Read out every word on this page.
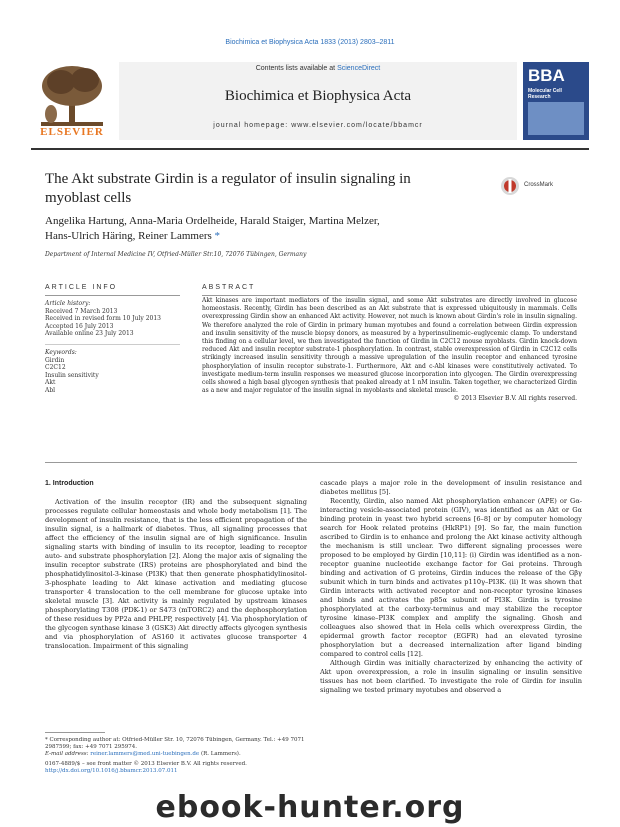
Biochimica et Biophysica Acta 1833 (2013) 2803–2811
ELSEVIER
Contents lists available at ScienceDirect
Biochimica et Biophysica Acta
journal homepage: www.elsevier.com/locate/bbamcr
BBA
Molecular Cell Research
The Akt substrate Girdin is a regulator of insulin signaling in myoblast cells
CrossMark
Angelika Hartung, Anna-Maria Ordelheide, Harald Staiger, Martina Melzer,
Hans-Ulrich Häring, Reiner Lammers *
Department of Internal Medicine IV, Otfried-Müller Str.10, 72076 Tübingen, Germany
ARTICLE INFO	ABSTRACT
Article history:
Received 7 March 2013
Received in revised form 10 July 2013
Accepted 16 July 2013
Available online 23 July 2013
Keywords:
Girdin
C2C12
Insulin sensitivity
Akt
Abl
Akt kinases are important mediators of the insulin signal, and some Akt substrates are directly involved in glucose homeostasis. Recently, Girdin has been described as an Akt substrate that is expressed ubiquitously in mammals. Cells overexpressing Girdin show an enhanced Akt activity. However, not much is known about Girdin's role in insulin signaling. We therefore analyzed the role of Girdin in primary human myotubes and found a correlation between Girdin expression and insulin sensitivity of the muscle biopsy donors, as measured by a hyperinsulinemic–euglycemic clamp. To understand this finding on a cellular level, we then investigated the function of Girdin in C2C12 mouse myoblasts. Girdin knock-down reduced Akt and insulin receptor substrate-1 phosphorylation. In contrast, stable overexpression of Girdin in C2C12 cells strikingly increased insulin sensitivity through a massive upregulation of the insulin receptor and enhanced tyrosine phosphorylation of insulin receptor substrate-1. Furthermore, Akt and c-Abl kinases were constitutively activated. To investigate medium-term insulin responses we measured glucose incorporation into glycogen. The Girdin overexpressing cells showed a high basal glycogen synthesis that peaked already at 1 nM insulin. Taken together, we characterized Girdin as a new and major regulator of the insulin signal in myoblasts and skeletal muscle.
© 2013 Elsevier B.V. All rights reserved.
1. Introduction

Activation of the insulin receptor (IR) and the subsequent signaling processes regulate cellular homeostasis and whole body metabolism [1]. The development of insulin resistance, that is the less efficient propagation of the insulin signal, is a hallmark of diabetes. Thus, all signaling processes that affect the efficiency of the insulin signal are of high significance. Insulin signaling starts with binding of insulin to its receptor, leading to receptor auto- and substrate phosphorylation [2]. Along the major axis of signaling the insulin receptor substrate (IRS) proteins are phosphorylated and bind the phosphatidylinositol-3-kinase (PI3K) that then generate phosphatidylinositol-3-phosphate leading to Akt kinase activation and mediating glucose transporter 4 translocation to the cell membrane for glucose uptake into skeletal muscle [3]. Akt activity is mainly regulated by upstream kinases phosphorylating T308 (PDK-1) or S473 (mTORC2) and the dephosphorylation of these residues by PP2a and PHLPP, respectively [4]. Via phosphorylation of the glycogen synthase kinase 3 (GSK3) Akt directly affects glycogen synthesis and via phosphorylation of AS160 it activates glucose transporter 4 translocation. Impairment of this signaling

cascade plays a major role in the development of insulin resistance and diabetes mellitus [5].

Recently, Girdin, also named Akt phosphorylation enhancer (APE) or Gα-interacting vesicle-associated protein (GIV), was identified as an Akt or Gα binding protein in yeast two hybrid screens [6–8] or by computer homology search for Hook related proteins (HkRP1) [9]. So far, the main function ascribed to Girdin is to enhance and prolong the Akt kinase activity although the mechanism is still unclear. Two different signaling processes were proposed to be employed by Girdin [10,11]: (i) Girdin was identified as a non-receptor guanine nucleotide exchange factor for Gαi proteins. Through binding and activation of G proteins, Girdin induces the release of the Gβγ subunit which in turn binds and activates p110γ–PI3K. (ii) It was shown that Girdin interacts with activated receptor and non-receptor tyrosine kinases and binds and activates the p85α subunit of PI3K. Girdin is tyrosine phosphorylated at the carboxy-terminus and may stabilize the receptor tyrosine kinase–PI3K complex and amplify the signaling. Ghosh and colleagues also showed that in Hela cells which overexpress Girdin, the epidermal growth factor receptor (EGFR) had an elevated tyrosine phosphorylation but a decreased internalization after ligand binding compared to control cells [12].

Although Girdin was initially characterized by enhancing the activity of Akt upon overexpression, a role in insulin signaling or insulin sensitive tissues has not been clarified. To investigate the role of Girdin for insulin signaling we tested primary myotubes and observed a

* Corresponding author at: Otfried-Müller Str. 10, 72076 Tübingen, Germany. Tel.: +49 7071 2987599; fax: +49 7071 295974.
E-mail address: reiner.lammers@med.uni-tuebingen.de (R. Lammers).
0167-4889/$ – see front matter © 2013 Elsevier B.V. All rights reserved.
http://dx.doi.org/10.1016/j.bbamcr.2013.07.011
ebook-hunter.org
